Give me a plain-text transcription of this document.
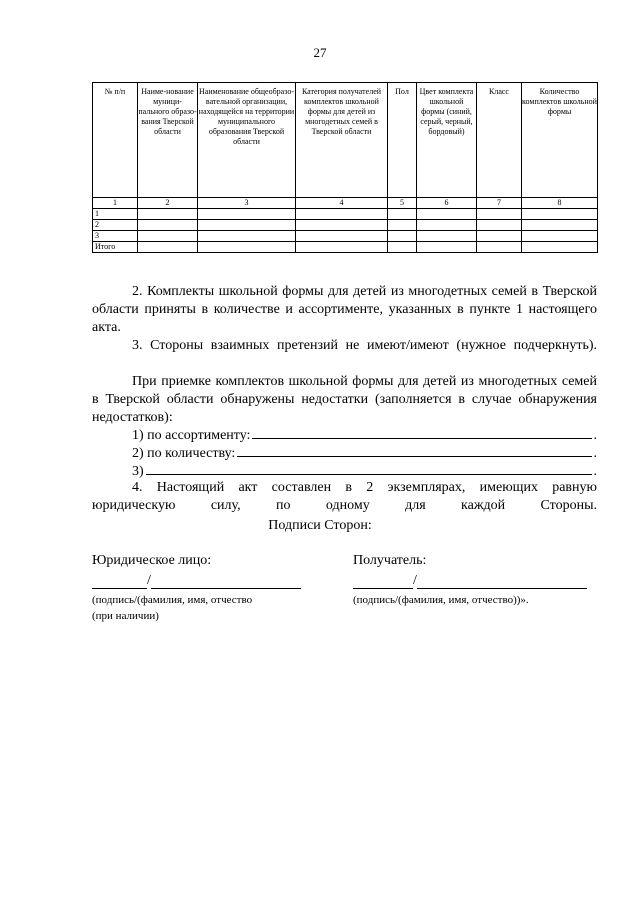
27
№ п/п	Наиме-нование муници-пального образо-вания Тверской области	Наименование общеобразо-вательной организации, находящейся на территории муниципального образования Тверской области	Категория получателей комплектов школьной формы для детей из многодетных семей в Тверской области	Пол	Цвет комплекта школьной формы (синий, серый, черный, бордовый)	Класс	Количество комплектов школьной формы
1	2	3	4	5	6	7	8
1							
2							
3							
Итого							

2. Комплекты школьной формы для детей из многодетных семей в Тверской области приняты в количестве и ассортименте, указанных в пункте 1 настоящего акта.

3. Стороны взаимных претензий не имеют/имеют (нужное подчеркнуть).

При приемке комплектов школьной формы для детей из многодетных семей в Тверской области обнаружены недостатки (заполняется в случае обнаружения недостатков):

1) по ассортименту:	.
2) по количеству:	.
3)	.

4. Настоящий акт составлен в 2 экземплярах, имеющих равную юридическую силу, по одному для каждой Стороны.

Подписи Сторон:
Юридическое лицо:
/
(подпись/(фамилия, имя, отчество
(при наличии)
Получатель:
/
(подпись/(фамилия, имя, отчество))».
